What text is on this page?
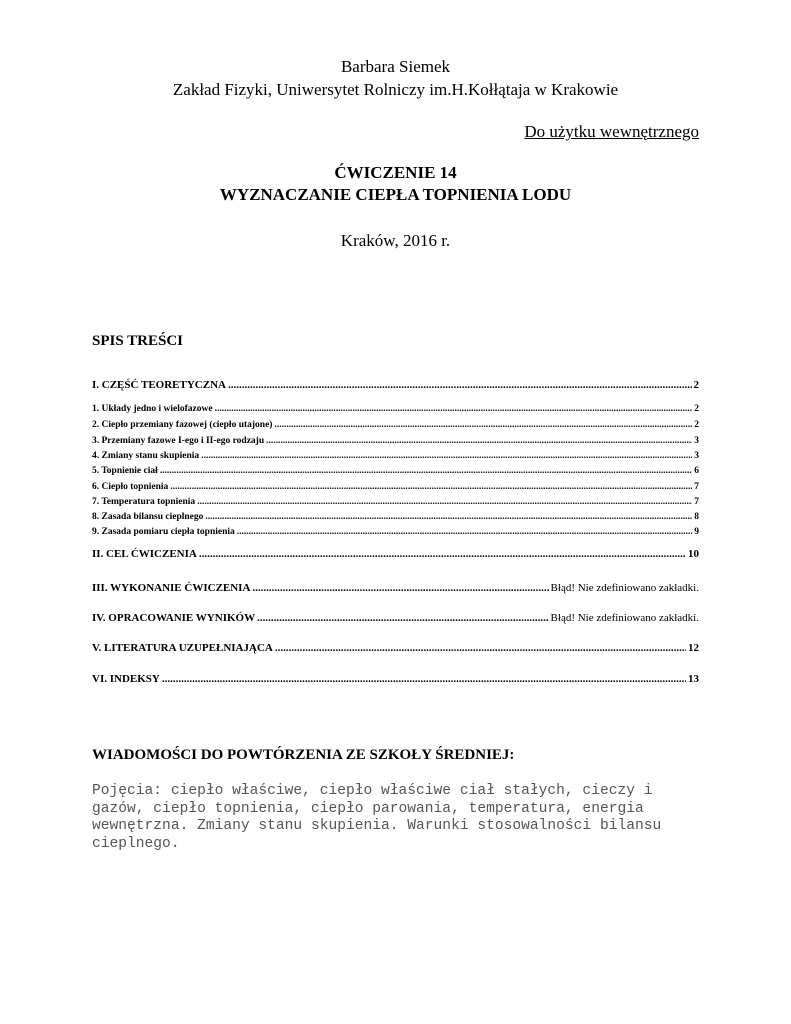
Barbara Siemek
Zakład Fizyki, Uniwersytet Rolniczy im.H.Kołłątaja w Krakowie
Do użytku wewnętrznego
ĆWICZENIE 14
WYZNACZANIE CIEPŁA TOPNIENIA LODU
Kraków, 2016 r.
SPIS TREŚCI
I. CZĘŚĆ TEORETYCZNA .....	2
1. Układy jedno i wielofazowe .....	2
2. Ciepło przemiany fazowej (ciepło utajone) .....	2
3. Przemiany fazowe I-ego i II-ego rodzaju .....	3
4. Zmiany stanu skupienia .....	3
5. Topnienie ciał .....	6
6. Ciepło topnienia .....	7
7. Temperatura topnienia .....	7
8. Zasada bilansu cieplnego .....	8
9. Zasada pomiaru ciepła topnienia .....	9
II. CEL ĆWICZENIA .....	10
III. WYKONANIE ĆWICZENIA .....	Błąd! Nie zdefiniowano zakładki.
IV. OPRACOWANIE WYNIKÓW .....	Błąd! Nie zdefiniowano zakładki.
V. LITERATURA UZUPEŁNIAJĄCA .....	12
VI. INDEKSY .....	13
WIADOMOŚCI DO POWTÓRZENIA ZE SZKOŁY ŚREDNIEJ:
Pojęcia: ciepło właściwe, ciepło właściwe ciał stałych, cieczy i
gazów, ciepło topnienia, ciepło parowania, temperatura, energia
wewnętrzna. Zmiany stanu skupienia. Warunki stosowalności bilansu
cieplnego.
